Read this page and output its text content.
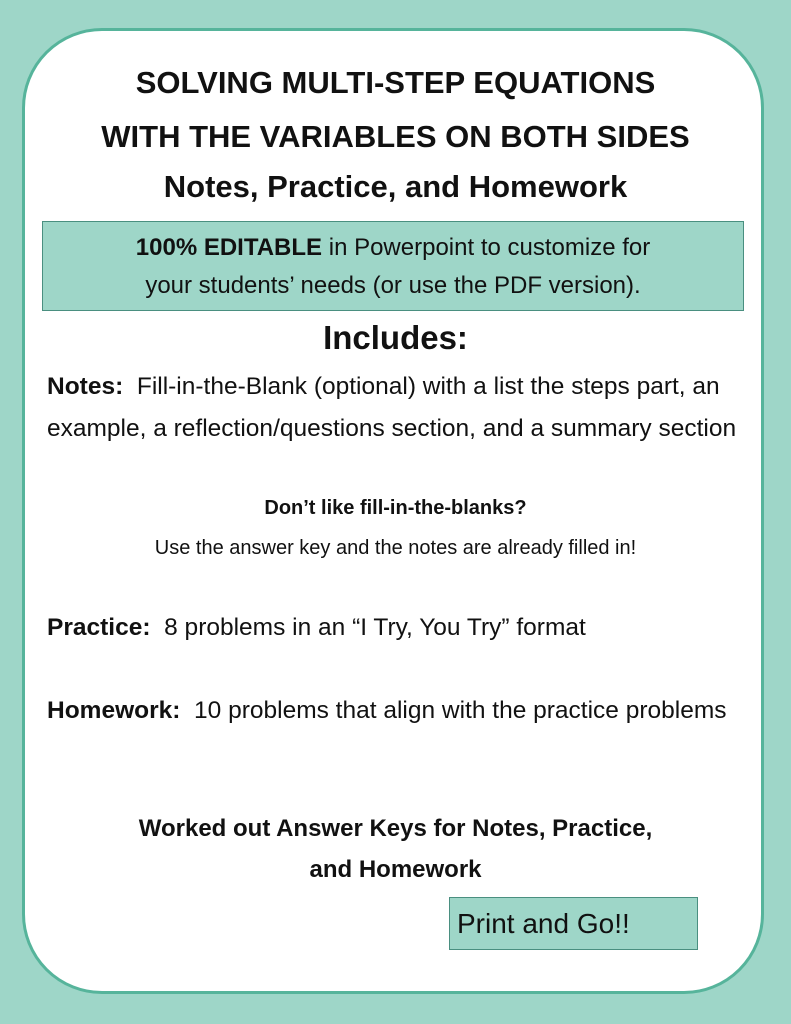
SOLVING MULTI-STEP EQUATIONS
WITH THE VARIABLES ON BOTH SIDES
Notes, Practice, and Homework
100% EDITABLE in Powerpoint to customize for
your students’ needs (or use the PDF version).
Includes:
Notes:  Fill-in-the-Blank (optional) with a list the steps part, an example, a reflection/questions section, and a summary section
Don’t like fill-in-the-blanks?
Use the answer key and the notes are already filled in!
Practice:  8 problems in an “I Try, You Try” format
Homework:  10 problems that align with the practice problems
Worked out Answer Keys for Notes, Practice,
and Homework
Print and Go!!
